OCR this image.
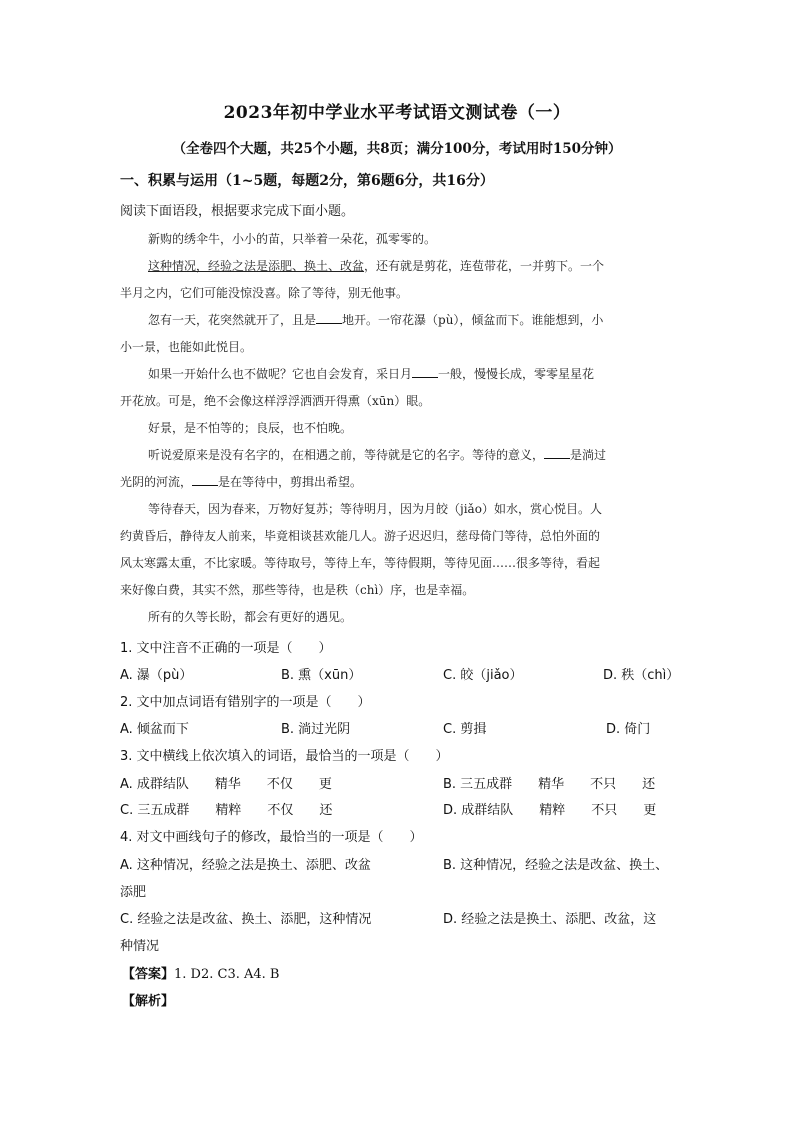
2023年初中学业水平考试语文测试卷（一）
（全卷四个大题，共25个小题，共8页；满分100分，考试用时150分钟）
一、积累与运用（1~5题，每题2分，第6题6分，共16分）
阅读下面语段，根据要求完成下面小题。
新购的绣伞牛，小小的苗，只举着一朵花，孤零零的。
这种情况，经验之法是添肥、换土、改盆，还有就是剪花，连苞带花，一并剪下。一个
半月之内，它们可能没惊没喜。除了等待，别无他事。
忽有一天，花突然就开了，且是 地开。一帘花瀑（pù），倾盆而下。谁能想到，小
小一景，也能如此悦目。
如果一开始什么也不做呢？它也自会发育，采日月 一般，慢慢长成，零零星星花
开花放。可是，绝不会像这样浮浮洒洒开得熏（xūn）眼。
好景，是不怕等的；良辰，也不怕晚。
听说爱原来是没有名字的，在相遇之前，等待就是它的名字。等待的意义， 是淌过
光阴的河流， 是在等待中，剪揖出希望。
等待春天，因为春来，万物好复苏；等待明月，因为月皎（jiǎo）如水，赏心悦目。人
约黄昏后，静待友人前来，毕竟相谈甚欢能几人。游子迟迟归，慈母倚门等待，总怕外面的
风太寒露太重，不比家暖。等待取号，等待上车，等待假期，等待见面……很多等待，看起
来好像白费，其实不然，那些等待，也是秩（chì）序，也是幸福。
所有的久等长盼，都会有更好的遇见。
1. 文中注音不正确的一项是（　　）
A. 瀑（pù）	B. 熏（xūn）	C. 皎（jiǎo）	D. 秩（chì）
2. 文中加点词语有错别字的一项是（　　）
A. 倾盆而下	B. 淌过光阴	C. 剪揖	D. 倚门
3. 文中横线上依次填入的词语，最恰当的一项是（　　）
A. 成群结队　　精华　　不仅　　更	B. 三五成群　　精华　　不只　　还
C. 三五成群　　精粹　　不仅　　还	D. 成群结队　　精粹　　不只　　更
4. 对文中画线句子的修改，最恰当的一项是（　　）
A. 这种情况，经验之法是换土、添肥、改盆	B. 这种情况，经验之法是改盆、换土、
添肥
C. 经验之法是改盆、换土、添肥，这种情况	D. 经验之法是换土、添肥、改盆，这
种情况
【答案】1. D2. C3. A4. B
【解析】
